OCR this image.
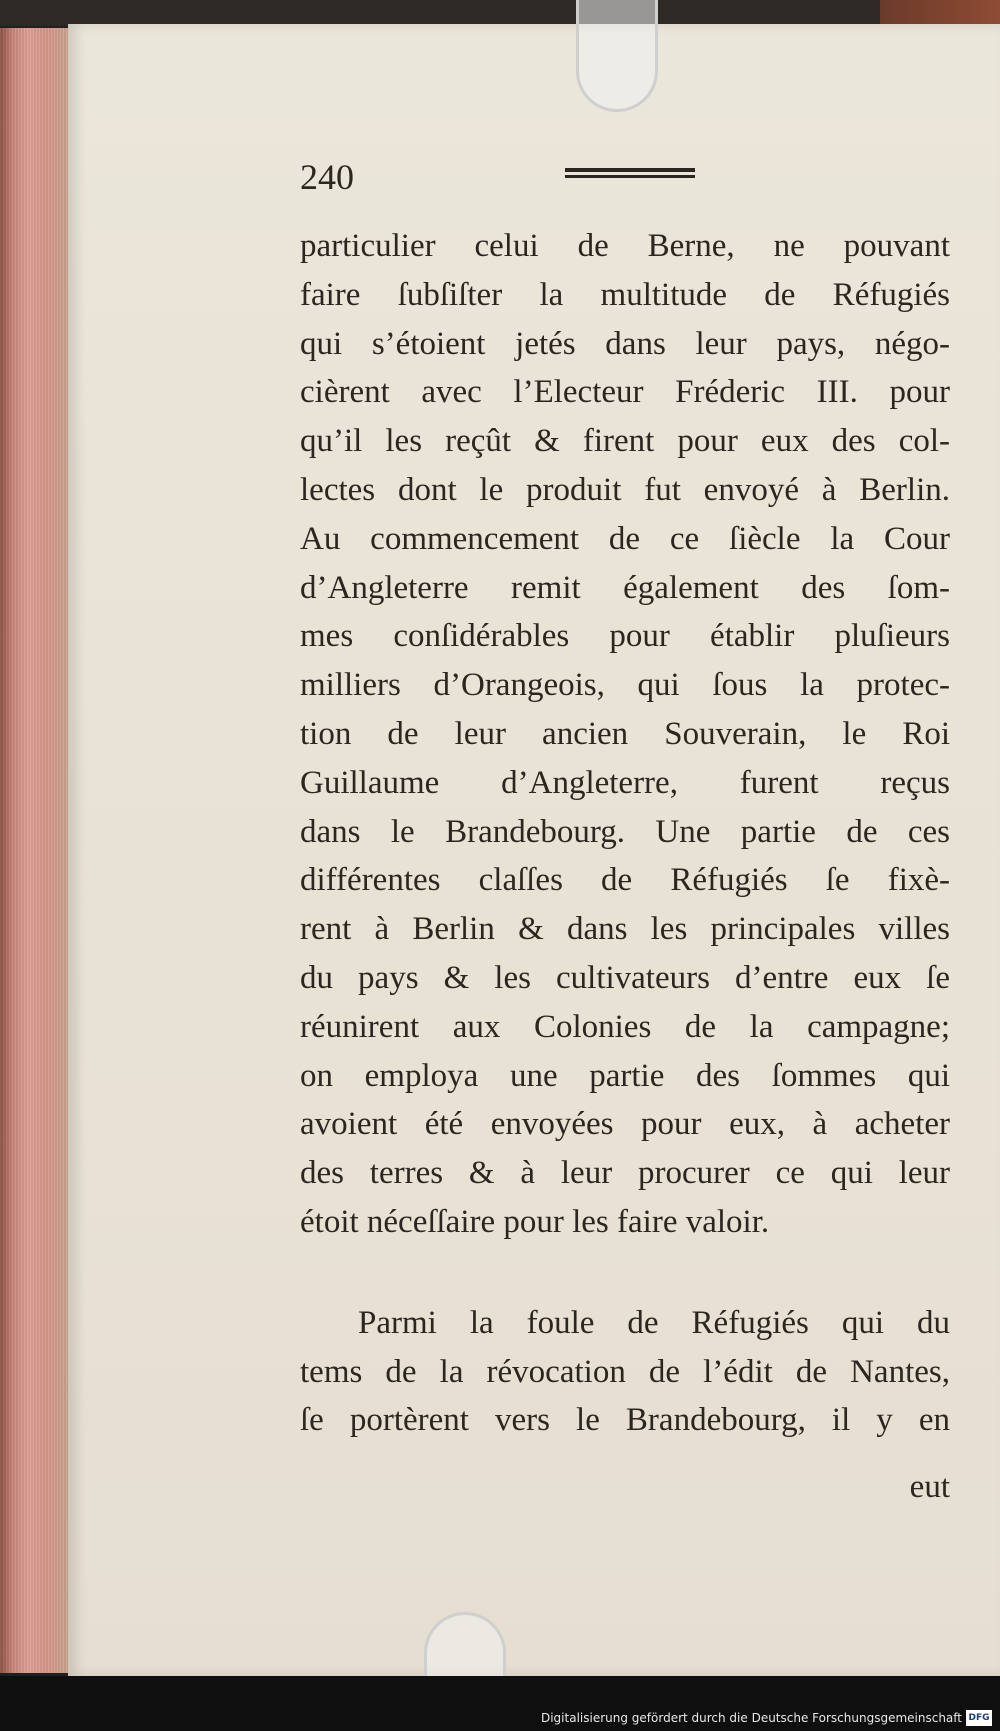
240
particulier celui de Berne, ne pouvant
faire ſubſiſter la multitude de Réfugiés
qui s’étoient jetés dans leur pays, négo-
cièrent avec l’Electeur Fréderic III. pour
qu’il les reçût & firent pour eux des col-
lectes dont le produit fut envoyé à Berlin.
Au commencement de ce ſiècle la Cour
d’Angleterre remit également des ſom-
mes conſidérables pour établir pluſieurs
milliers d’Orangeois, qui ſous la protec-
tion de leur ancien Souverain, le Roi
Guillaume d’Angleterre, furent reçus
dans le Brandebourg. Une partie de ces
différentes claſſes de Réfugiés ſe fixè-
rent à Berlin & dans les principales villes
du pays & les cultivateurs d’entre eux ſe
réunirent aux Colonies de la campagne;
on employa une partie des ſommes qui
avoient été envoyées pour eux, à acheter
des terres & à leur procurer ce qui leur
étoit néceſſaire pour les faire valoir.
Parmi la foule de Réfugiés qui du
tems de la révocation de l’édit de Nantes,
ſe portèrent vers le Brandebourg, il y en
eut
Digitalisierung gefördert durch die Deutsche Forschungsgemeinschaft DFG
